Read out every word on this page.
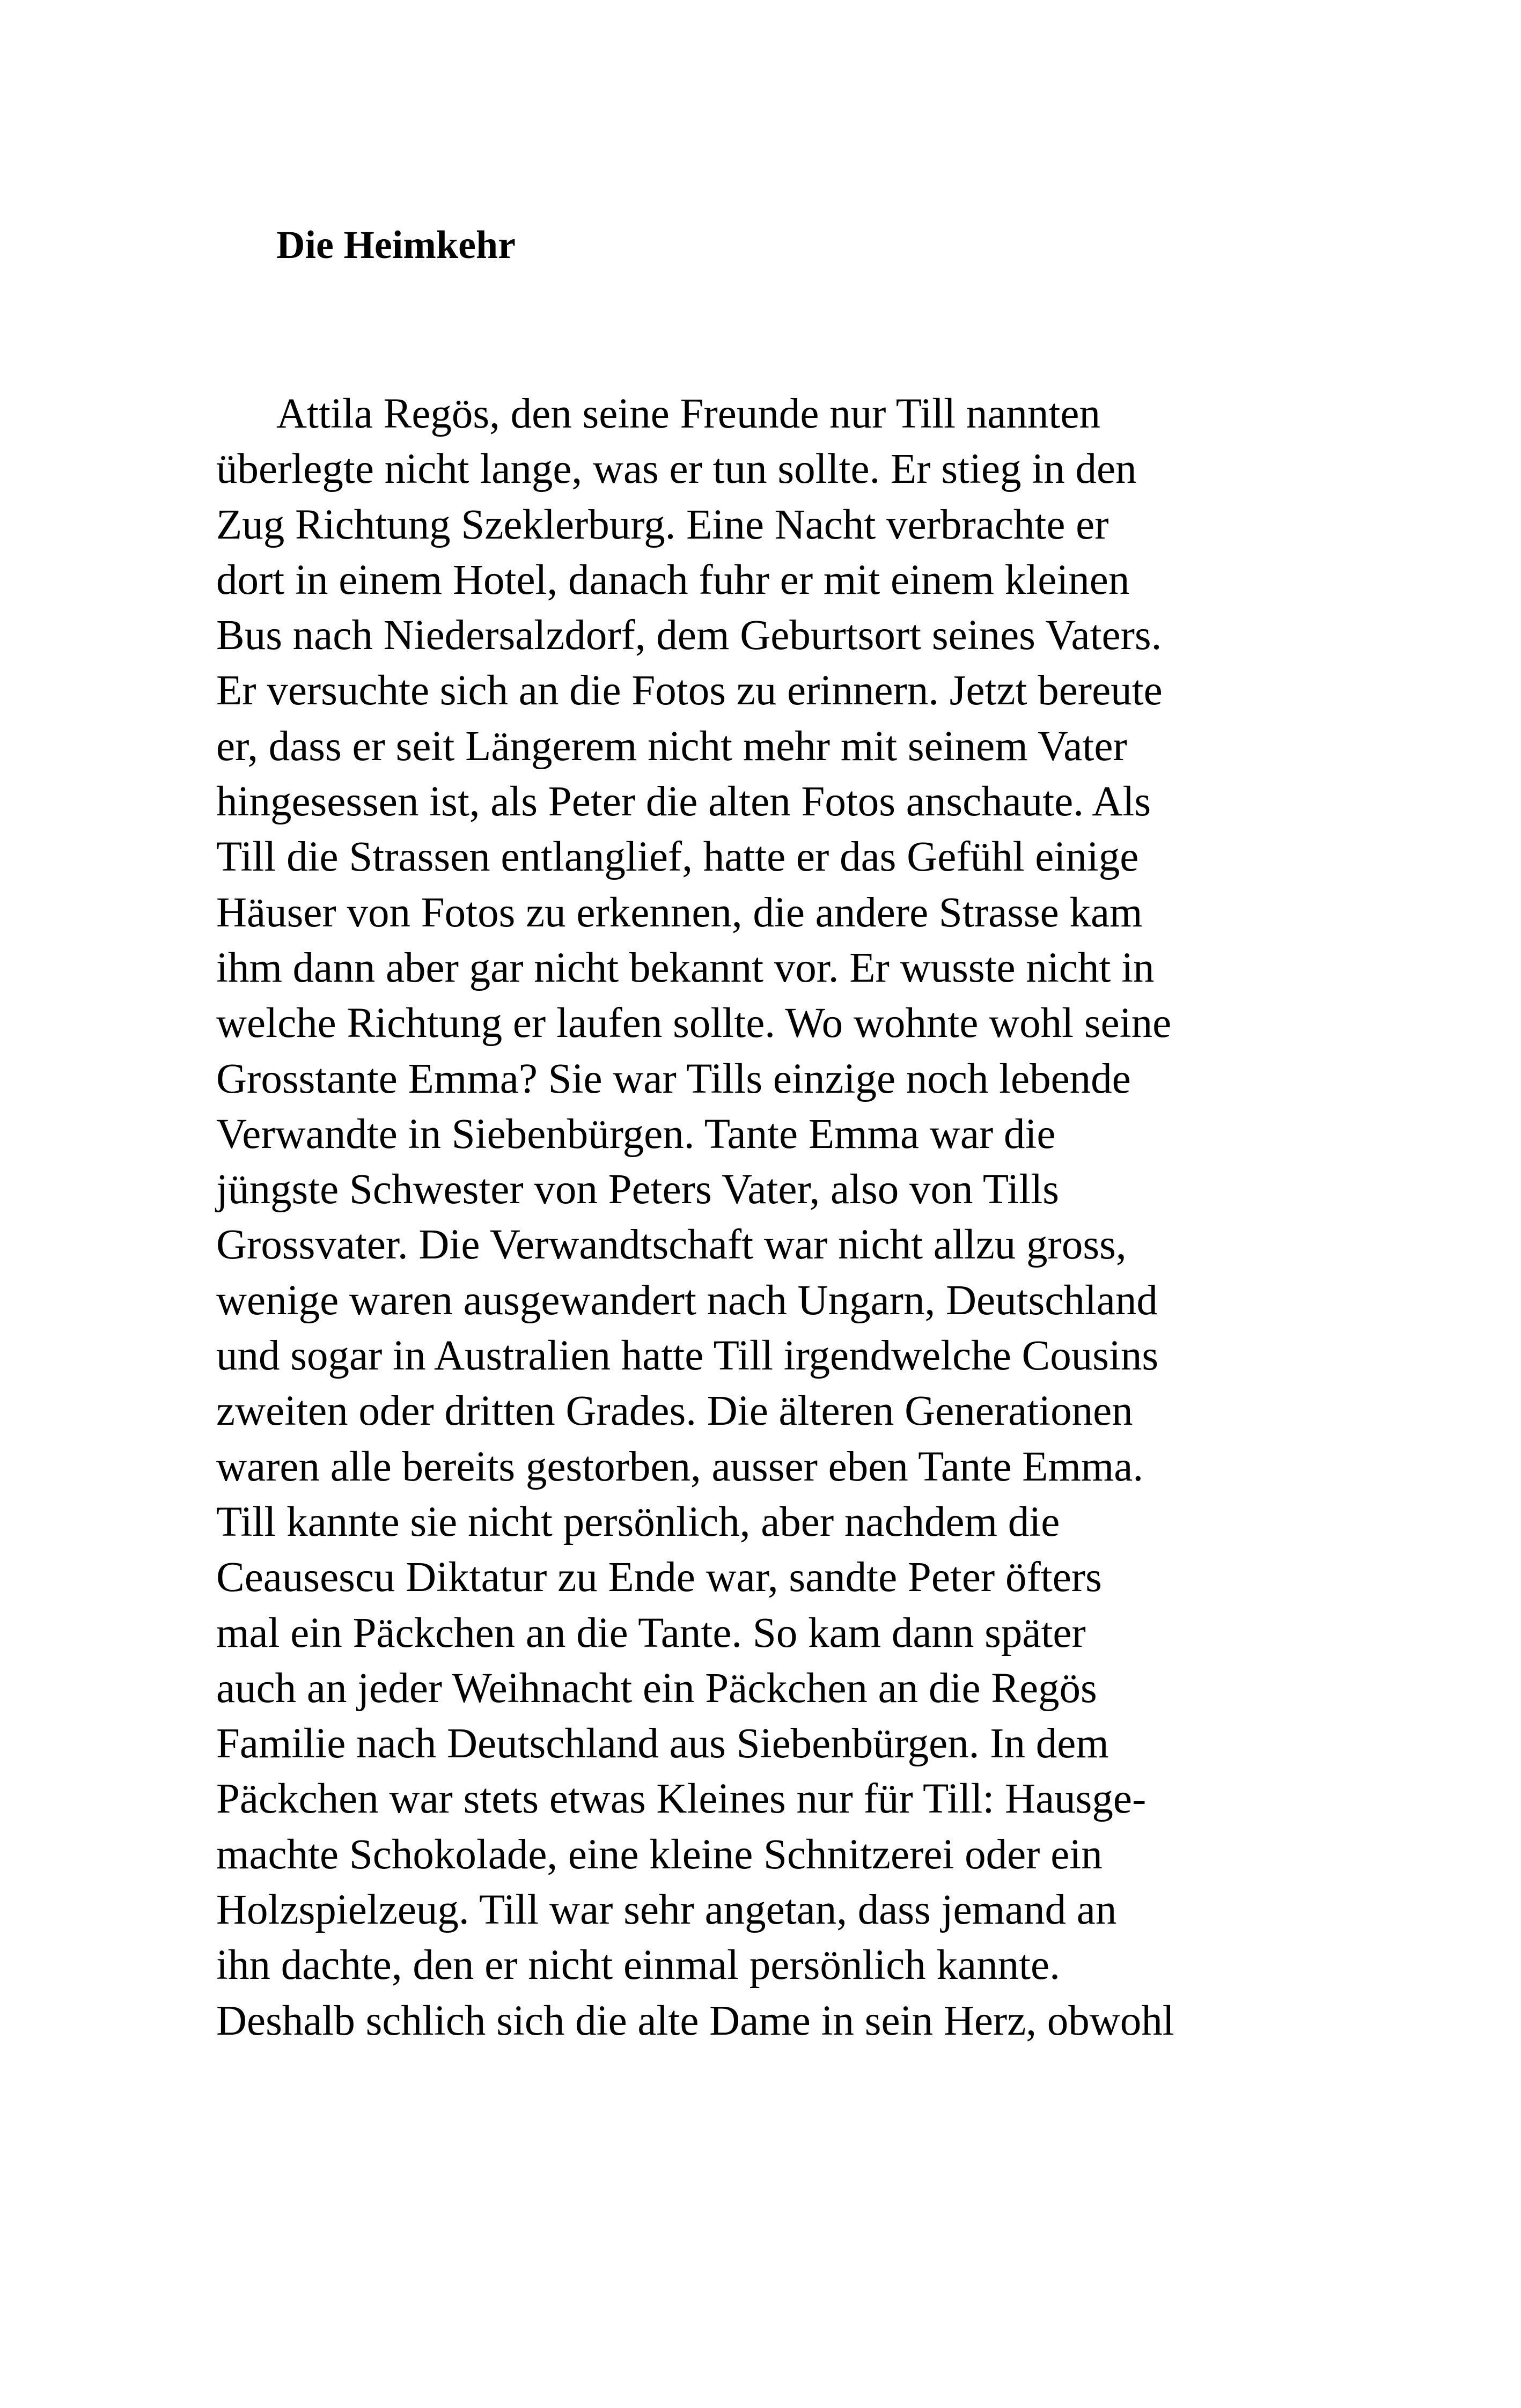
Die Heimkehr
Attila Regös, den seine Freunde nur Till nannten
überlegte nicht lange, was er tun sollte. Er stieg in den
Zug Richtung Szeklerburg. Eine Nacht verbrachte er
dort in einem Hotel, danach fuhr er mit einem kleinen
Bus nach Niedersalzdorf, dem Geburtsort seines Vaters.
Er versuchte sich an die Fotos zu erinnern. Jetzt bereute
er, dass er seit Längerem nicht mehr mit seinem Vater
hingesessen ist, als Peter die alten Fotos anschaute. Als
Till die Strassen entlanglief, hatte er das Gefühl einige
Häuser von Fotos zu erkennen, die andere Strasse kam
ihm dann aber gar nicht bekannt vor. Er wusste nicht in
welche Richtung er laufen sollte. Wo wohnte wohl seine
Grosstante Emma? Sie war Tills einzige noch lebende
Verwandte in Siebenbürgen. Tante Emma war die
jüngste Schwester von Peters Vater, also von Tills
Grossvater. Die Verwandtschaft war nicht allzu gross,
wenige waren ausgewandert nach Ungarn, Deutschland
und sogar in Australien hatte Till irgendwelche Cousins
zweiten oder dritten Grades. Die älteren Generationen
waren alle bereits gestorben, ausser eben Tante Emma.
Till kannte sie nicht persönlich, aber nachdem die
Ceausescu Diktatur zu Ende war, sandte Peter öfters
mal ein Päckchen an die Tante. So kam dann später
auch an jeder Weihnacht ein Päckchen an die Regös
Familie nach Deutschland aus Siebenbürgen. In dem
Päckchen war stets etwas Kleines nur für Till: Hausge-
machte Schokolade, eine kleine Schnitzerei oder ein
Holzspielzeug. Till war sehr angetan, dass jemand an
ihn dachte, den er nicht einmal persönlich kannte.
Deshalb schlich sich die alte Dame in sein Herz, obwohl
